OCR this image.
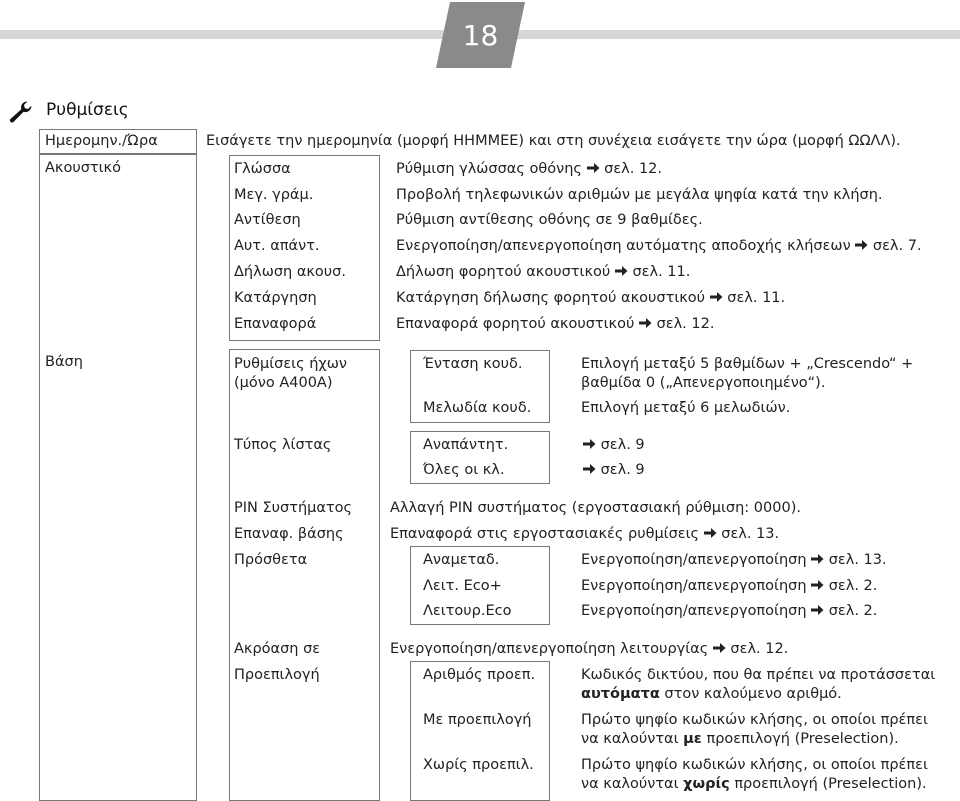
18
Ρυθμίσεις
Ημερομην./Ώρα	Εισάγετε την ημερομηνία (μορφή ΗΗΜΜΕΕ) και στη συνέχεια εισάγετε την ώρα (μορφή ΩΩΛΛ).
Ακουστικό	Γλώσσα	Ρύθμιση γλώσσας οθόνης σελ. 12.
Μεγ. γράμ.	Προβολή τηλεφωνικών αριθμών με μεγάλα ψηφία κατά την κλήση.
Αντίθεση	Ρύθμιση αντίθεσης οθόνης σε 9 βαθμίδες.
Αυτ. απάντ.	Ενεργοποίηση/απενεργοποίηση αυτόματης αποδοχής κλήσεων σελ. 7.
Δήλωση ακουσ.	Δήλωση φορητού ακουστικού σελ. 11.
Κατάργηση	Κατάργηση δήλωσης φορητού ακουστικού σελ. 11.
Επαναφορά	Επαναφορά φορητού ακουστικού σελ. 12.
Βάση	Ρυθμίσεις ήχων
(μόνο A400A)
Ένταση κουδ.	Επιλογή μεταξύ 5 βαθμίδων + „Crescendo“ +
βαθμίδα 0 („Απενεργοποιημένο“).
Μελωδία κουδ.	Επιλογή μεταξύ 6 μελωδιών.
Τύπος λίστας	Αναπάντητ.	σελ. 9
Όλες οι κλ.	σελ. 9
PIN Συστήματος	Αλλαγή PIN συστήματος (εργοστασιακή ρύθμιση: 0000).
Επαναφ. βάσης	Επαναφορά στις εργοστασιακές ρυθμίσεις σελ. 13.
Πρόσθετα	Αναμεταδ.	Ενεργοποίηση/απενεργοποίηση σελ. 13.
Λειτ. Eco+	Ενεργοποίηση/απενεργοποίηση σελ. 2.
Λειτουρ.Eco	Ενεργοποίηση/απενεργοποίηση σελ. 2.
Ακρόαση σε	Ενεργοποίηση/απενεργοποίηση λειτουργίας σελ. 12.
Προεπιλογή	Αριθμός προεπ.	Κωδικός δικτύου, που θα πρέπει να προτάσσεται
αυτόματα στον καλούμενο αριθμό.
Με προεπιλογή	Πρώτο ψηφίο κωδικών κλήσης, οι οποίοι πρέπει
να καλούνται με προεπιλογή (Preselection).
Χωρίς προεπιλ.	Πρώτο ψηφίο κωδικών κλήσης, οι οποίοι πρέπει
να καλούνται χωρίς προεπιλογή (Preselection).
